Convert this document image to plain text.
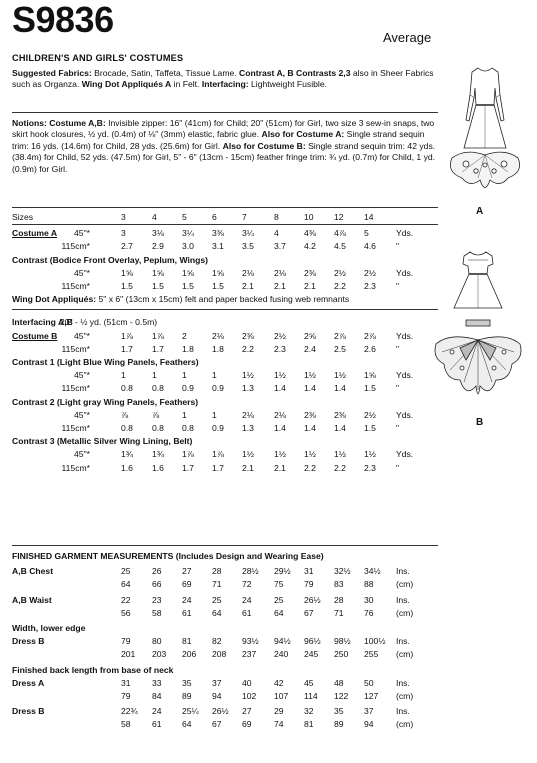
S9836	Average
CHILDREN'S AND GIRLS' COSTUMES
Suggested Fabrics: Brocade, Satin, Taffeta, Tissue Lame. Contrast A, B Contrasts 2,3 also in Sheer Fabrics such as Organza. Wing Dot Appliqués A in Felt. Interfacing: Lightweight Fusible.
Notions: Costume A,B: Invisible zipper: 16" (41cm) for Child; 20" (51cm) for Girl, two size 3 sew-in snaps, two skirt hook closures, ½ yd. (0.4m) of ⅛" (3mm) elastic, fabric glue. Also for Costume A: Single strand sequin trim: 16 yds. (14.6m) for Child, 28 yds. (25.6m) for Girl. Also for Costume B: Single strand sequin trim: 42 yds. (38.4m) for Child, 52 yds. (47.5m) for Girl, 5" - 6" (13cm - 15cm) feather fringe trim: ¾ yd. (0.7m) for Child, 1 yd. (0.9m) for Girl.
Sizes	3	4	5	6	7	8	10	12	14
Costume A	45"*	3	3⅛	3¼	3⅜	3¼	4	4⅜	4⅞	5	Yds.
115cm*	2.7	2.9	3.0	3.1	3.5	3.7	4.2	4.5	4.6	"
Contrast (Bodice Front Overlay, Peplum, Wings)
45"*	1⅝	1⅝	1⅝	1⅝	2⅛	2⅛	2⅜	2½	2½	Yds.
115cm*	1.5	1.5	1.5	1.5	2.1	2.1	2.1	2.2	2.3	"
Wing Dot Appliqués: 5" x 6" (13cm x 15cm) felt and paper backed fusing web remnants
Interfacing A,B
20" - ½ yd. (51cm - 0.5m)
Costume B	45"*	1⅞	1⅞	2	2⅛	2⅜	2½	2⅝	2⅞	2⅞	Yds.
115cm*	1.7	1.7	1.8	1.8	2.2	2.3	2.4	2.5	2.6	"
Contrast 1 (Light Blue Wing Panels, Feathers)
45"*	1	1	1	1	1½	1½	1½	1½	1⅝	Yds.
115cm*	0.8	0.8	0.9	0.9	1.3	1.4	1.4	1.4	1.5	"
Contrast 2 (Light gray Wing Panels, Feathers)
45"*	⅞	⅞	1	1	2⅛	2⅛	2⅜	2⅜	2½	Yds.
115cm*	0.8	0.8	0.8	0.9	1.3	1.4	1.4	1.4	1.5	"
Contrast 3 (Metallic Silver Wing Lining, Belt)
45"*	1¾	1¾	1⅞	1⅞	1½	1½	1½	1½	1½	Yds.
115cm*	1.6	1.6	1.7	1.7	2.1	2.1	2.2	2.2	2.3	"
FINISHED GARMENT MEASUREMENTS (Includes Design and Wearing Ease)
A,B Chest	25	26	27	28	28½	29½	31	32½	34½	Ins.
64	66	69	71	72	75	79	83	88	(cm)
A,B Waist	22	23	24	25	24	25	26½	28	30	Ins.
56	58	61	64	61	64	67	71	76	(cm)
Width, lower edge
Dress B	79	80	81	82	93½	94½	96½	98½	100½ Ins.
201	203	206	208	237	240	245	250	255	(cm)
Finished back length from base of neck
Dress A	31	33	35	37	40	42	45	48	50	Ins.
79	84	89	94	102	107	114	122	127	(cm)
Dress B	22¾	24	25¼	26½	27	29	32	35	37	Ins.
58	61	64	67	69	74	81	89	94	(cm)
A
B
